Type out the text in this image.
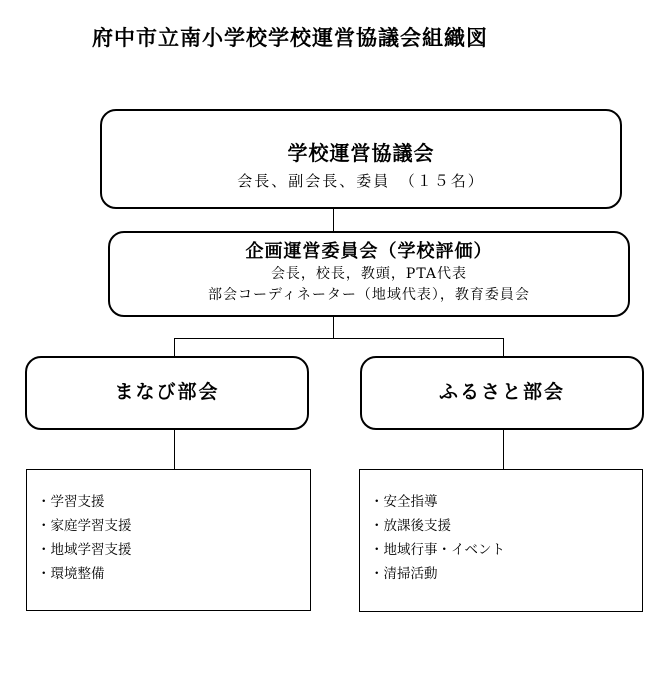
府中市立南小学校学校運営協議会組織図
学校運営協議会
会長、副会長、委員　（１５名）
企画運営委員会（学校評価）
会長，校長，教頭，PTA代表
部会コーディネーター（地域代表），教育委員会
まなび部会	ふるさと部会
・ 学習支援
・ 家庭学習支援
・ 地域学習支援
・ 環境整備
・ 安全指導
・ 放課後支援
・ 地域行事・イベント
・ 清掃活動
